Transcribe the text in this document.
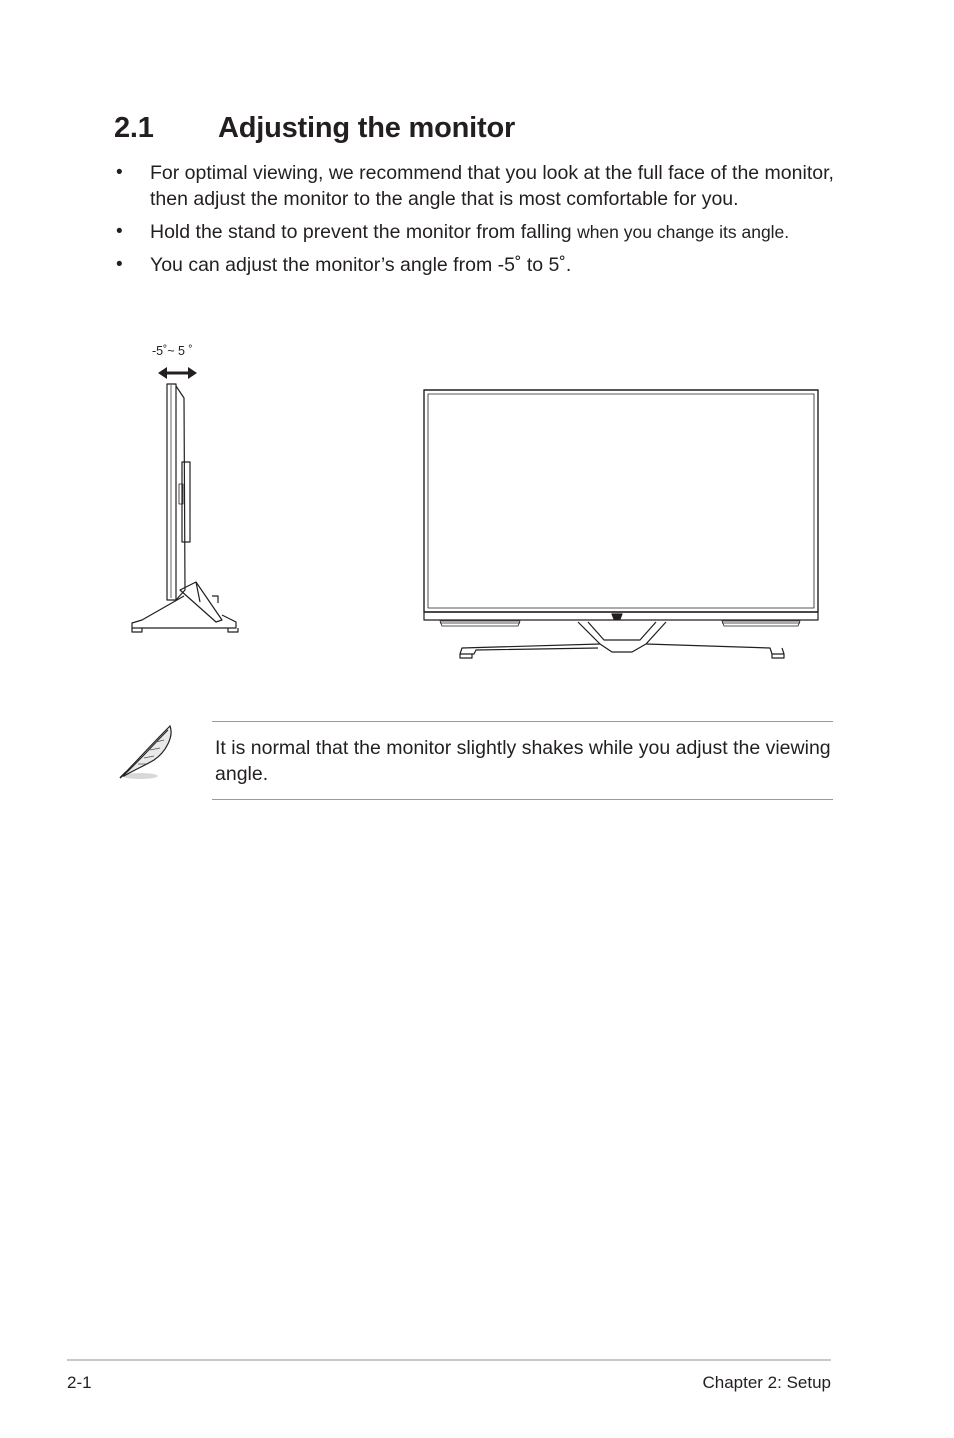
2.1 Adjusting the monitor
• For optimal viewing, we recommend that you look at the full face of the monitor, then adjust the monitor to the angle that is most comfortable for you.
• Hold the stand to prevent the monitor from falling when you change its angle.
• You can adjust the monitor’s angle from -5˚ to 5˚.
-5˚~ 5 ˚
It is normal that the monitor slightly shakes while you adjust the viewing angle.
2-1	Chapter 2: Setup
